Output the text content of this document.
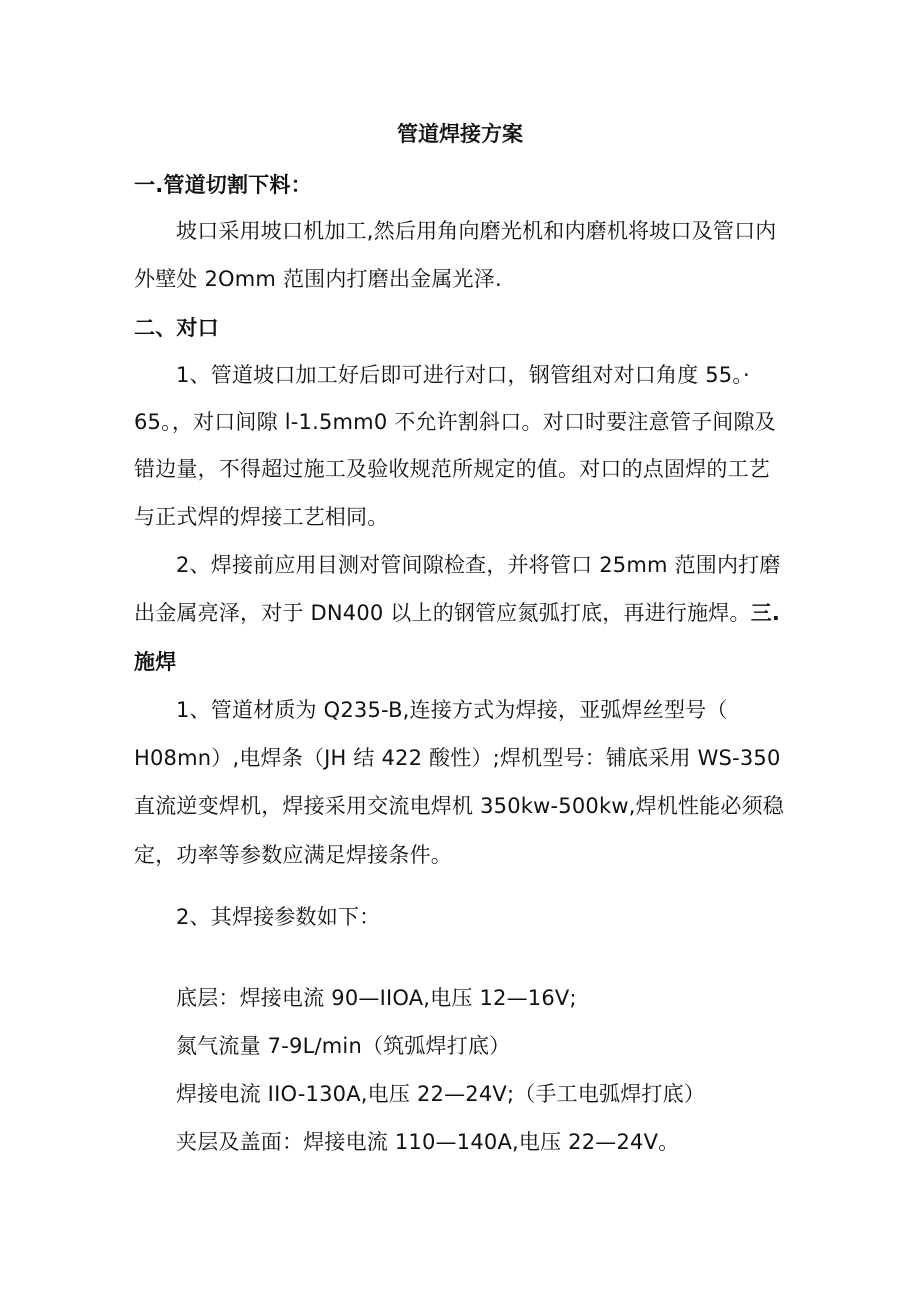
管道焊接方案
一.管道切割下料：
坡口采用坡口机加工,然后用角向磨光机和内磨机将坡口及管口内
外壁处 2Omm 范围内打磨出金属光泽.
二、对口
1、管道坡口加工好后即可进行对口，钢管组对对口角度 55。·
65。，对口间隙 l-1.5mm0 不允许割斜口。对口时要注意管子间隙及
错边量，不得超过施工及验收规范所规定的值。对口的点固焊的工艺
与正式焊的焊接工艺相同。
2、焊接前应用目测对管间隙检查，并将管口 25mm 范围内打磨
出金属亮泽，对于 DN400 以上的钢管应氮弧打底，再进行施焊。三.
施焊
1、管道材质为 Q235-B,连接方式为焊接，亚弧焊丝型号（
H08mn）,电焊条（JH 结 422 酸性）;焊机型号：铺底采用 WS-350
直流逆变焊机，焊接采用交流电焊机 350kw-500kw,焊机性能必须稳
定，功率等参数应满足焊接条件。
2、其焊接参数如下：
底层：焊接电流 90—IIOA,电压 12—16V;
氮气流量 7-9L∕min（筑弧焊打底）
焊接电流 IIO-130A,电压 22—24V;（手工电弧焊打底）
夹层及盖面：焊接电流 110—140A,电压 22—24V。
